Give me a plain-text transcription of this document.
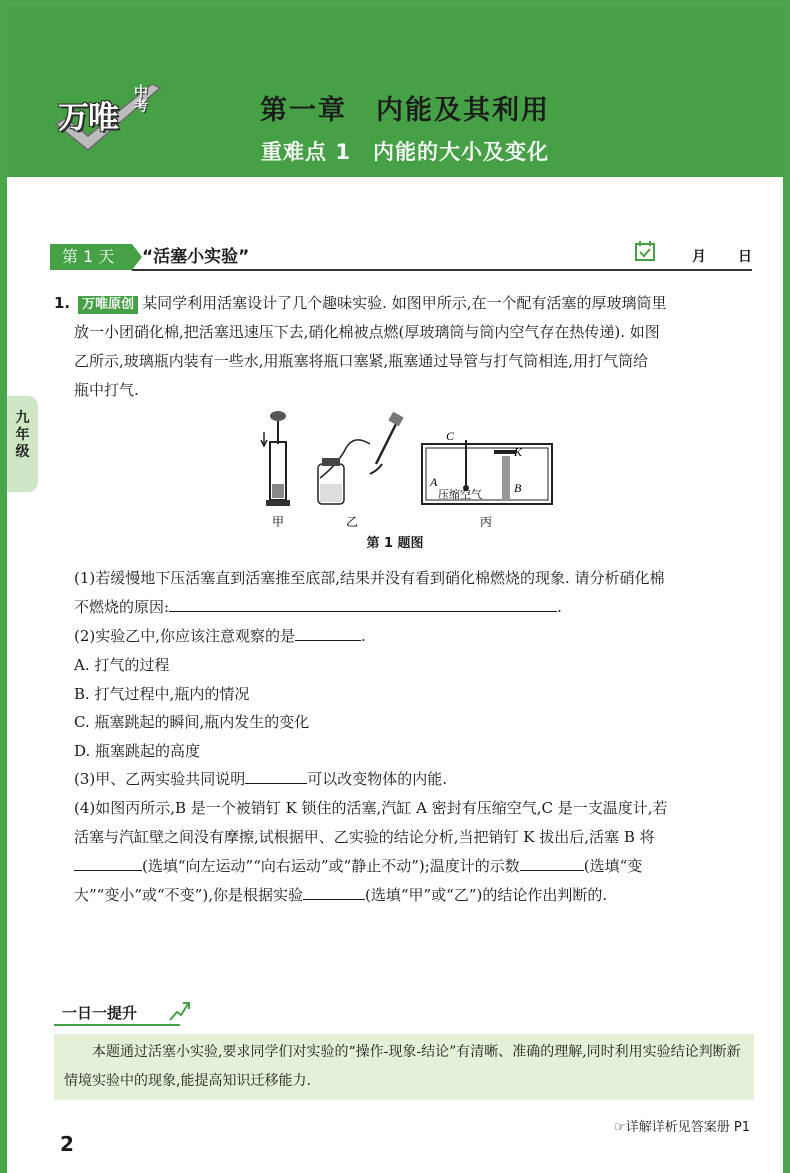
万唯
中考	第一章　内能及其利用
重难点 1　内能的大小及变化
第 1 天	“活塞小实验”	月 日
九
年
级
1. 万唯原创 某同学利用活塞设计了几个趣味实验. 如图甲所示,在一个配有活塞的厚玻璃筒里
放一小团硝化棉,把活塞迅速压下去,硝化棉被点燃(厚玻璃筒与筒内空气存在热传递). 如图
乙所示,玻璃瓶内装有一些水,用瓶塞将瓶口塞紧,瓶塞通过导管与打气筒相连,用打气筒给
瓶中打气.
甲	乙	丙
C
K
A	B
压缩空气
第 1 题图
(1)若缓慢地下压活塞直到活塞推至底部,结果并没有看到硝化棉燃烧的现象. 请分析硝化棉
不燃烧的原因:	.
(2)实验乙中,你应该注意观察的是	.
A. 打气的过程
B. 打气过程中,瓶内的情况
C. 瓶塞跳起的瞬间,瓶内发生的变化
D. 瓶塞跳起的高度
(3)甲、乙两实验共同说明	可以改变物体的内能.
(4)如图丙所示,B 是一个被销钉 K 锁住的活塞,汽缸 A 密封有压缩空气,C 是一支温度计,若
活塞与汽缸壁之间没有摩擦,试根据甲、乙实验的结论分析,当把销钉 K 拔出后,活塞 B 将
(选填“向左运动”“向右运动”或“静止不动”);温度计的示数	(选填“变
大”“变小”或“不变”),你是根据实验	(选填“甲”或“乙”)的结论作出判断的.
一日一提升
本题通过活塞小实验,要求同学们对实验的“操作-现象-结论”有清晰、准确的理解,同时利用实验结论判断新情境实验中的现象,能提高知识迁移能力.
☞详解详析见答案册 P1
2
